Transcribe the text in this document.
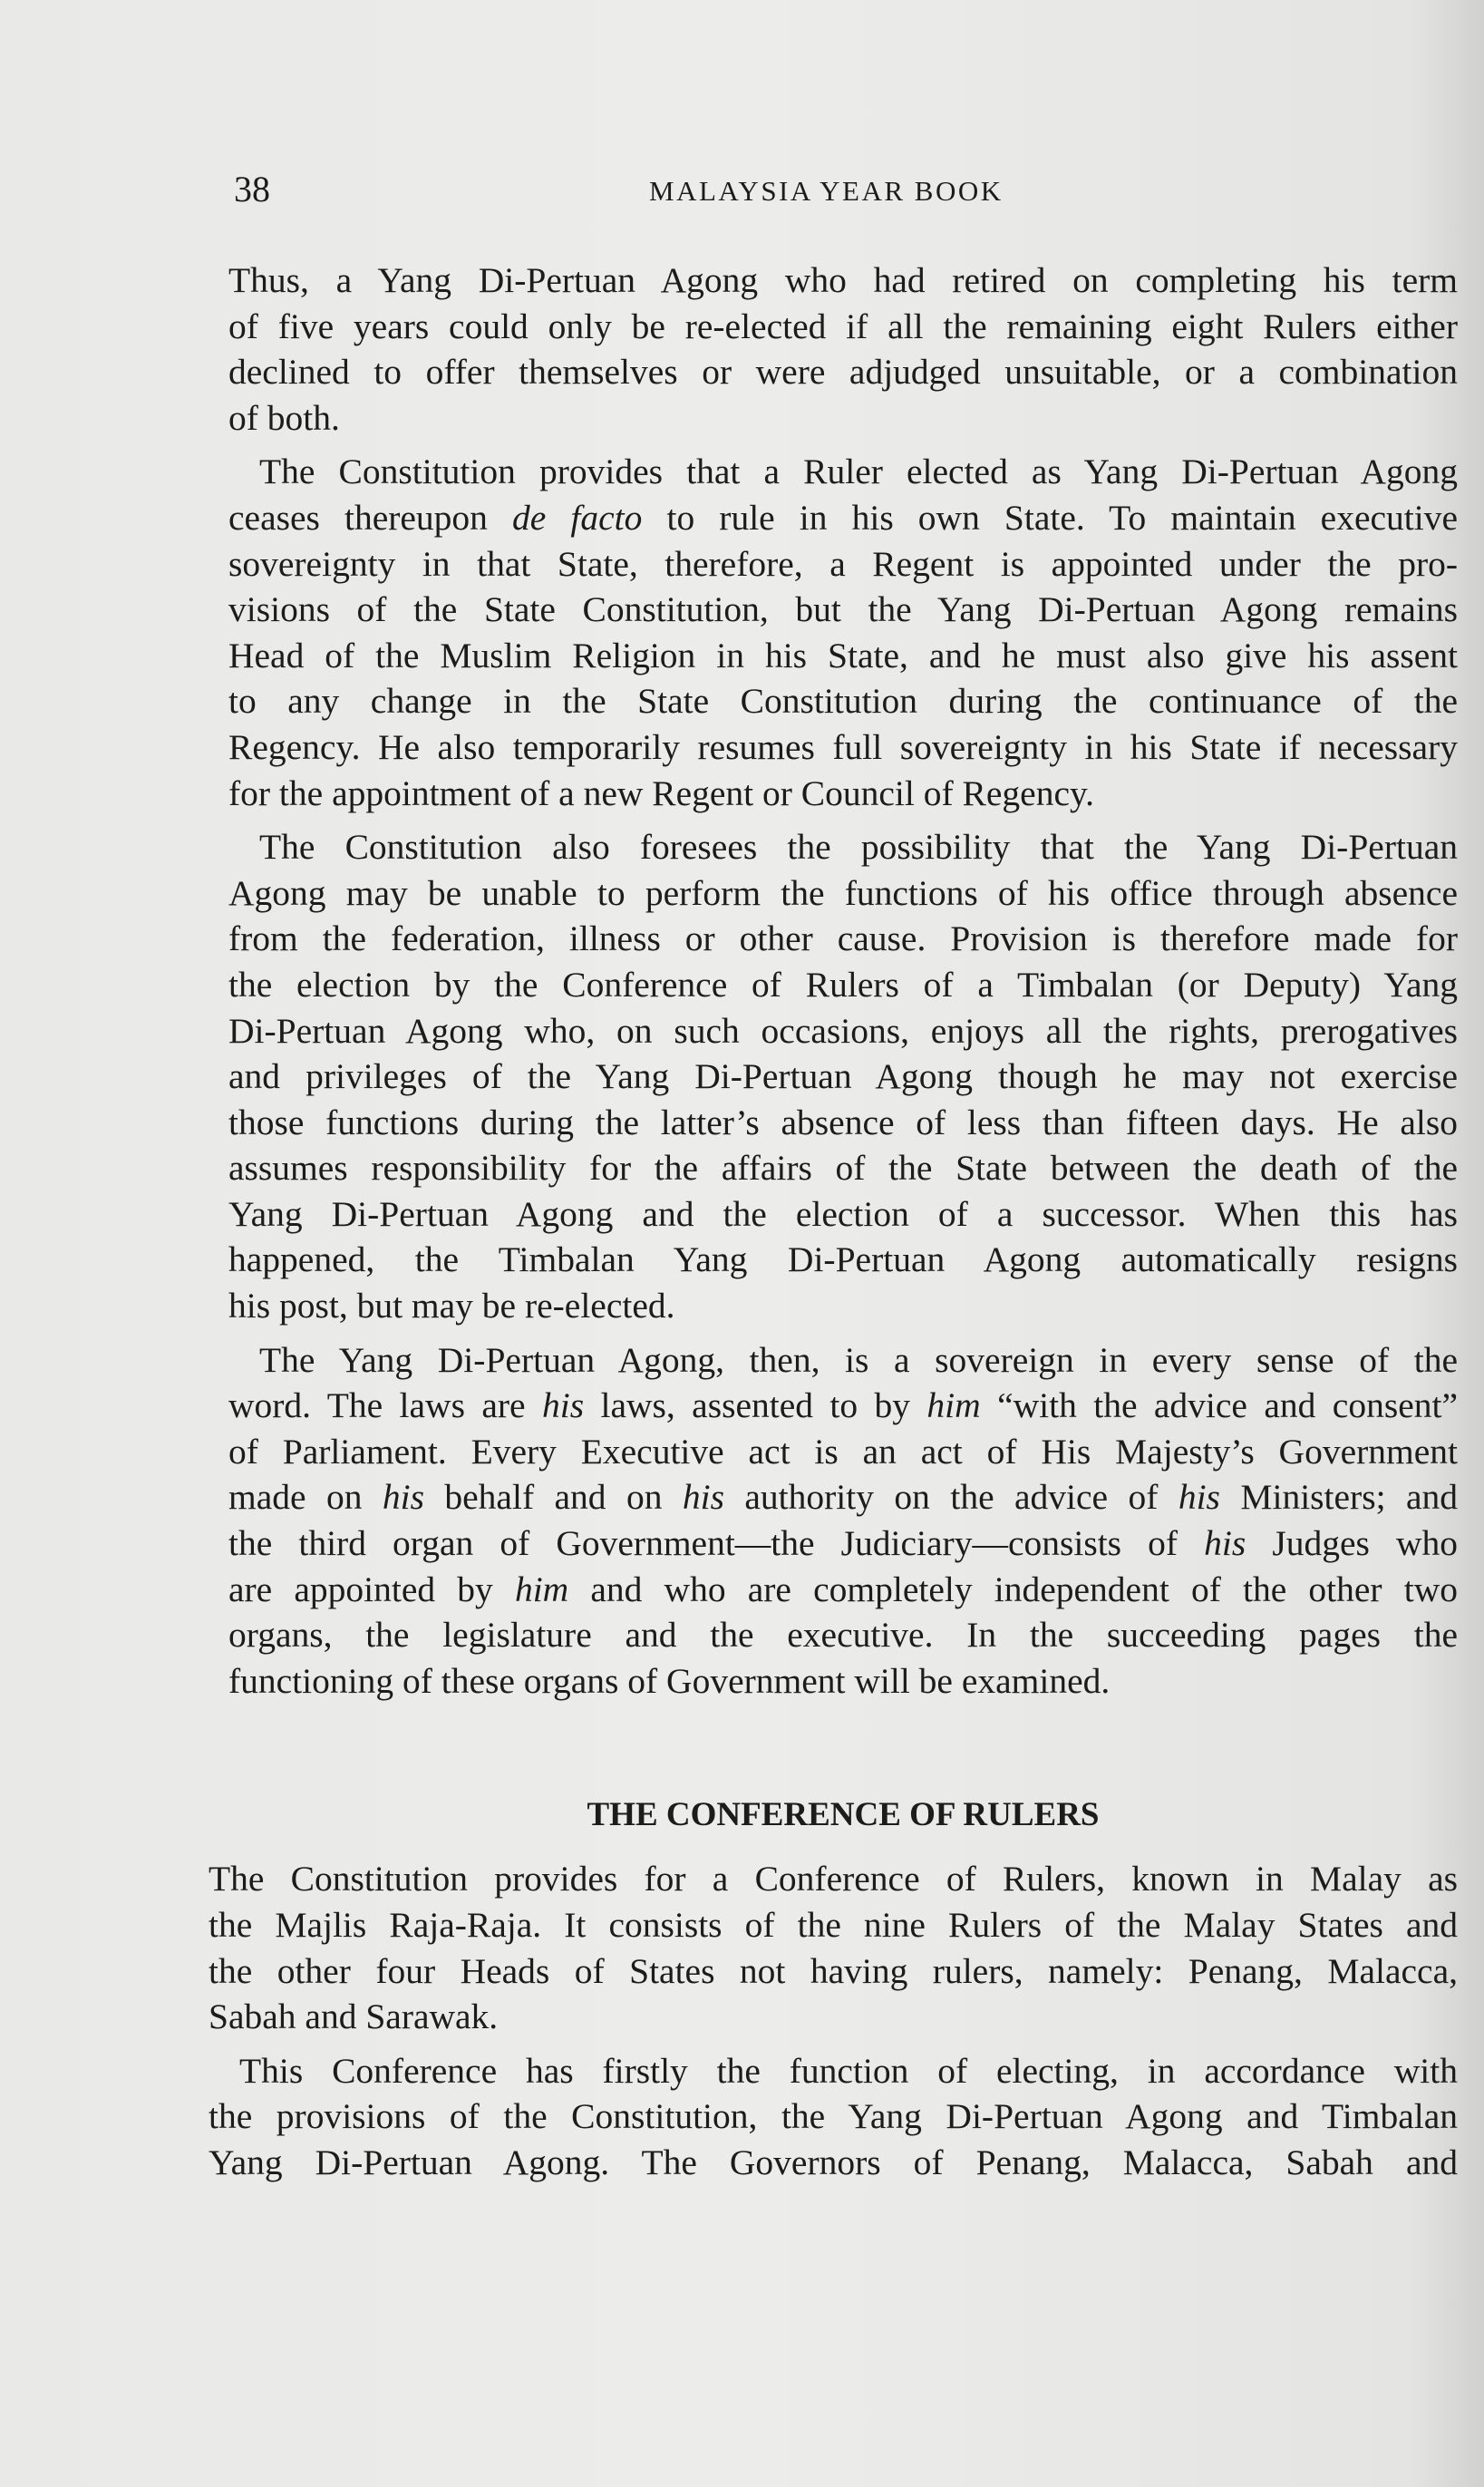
38	MALAYSIA YEAR BOOK
Thus, a Yang Di-Pertuan Agong who had retired on completing his term
of five years could only be re-elected if all the remaining eight Rulers either
declined to offer themselves or were adjudged unsuitable, or a combination
of both.
The Constitution provides that a Ruler elected as Yang Di-Pertuan Agong
ceases thereupon de facto to rule in his own State. To maintain executive
sovereignty in that State, therefore, a Regent is appointed under the pro-
visions of the State Constitution, but the Yang Di-Pertuan Agong remains
Head of the Muslim Religion in his State, and he must also give his assent
to any change in the State Constitution during the continuance of the
Regency. He also temporarily resumes full sovereignty in his State if necessary
for the appointment of a new Regent or Council of Regency.
The Constitution also foresees the possibility that the Yang Di-Pertuan
Agong may be unable to perform the functions of his office through absence
from the federation, illness or other cause. Provision is therefore made for
the election by the Conference of Rulers of a Timbalan (or Deputy) Yang
Di-Pertuan Agong who, on such occasions, enjoys all the rights, prerogatives
and privileges of the Yang Di-Pertuan Agong though he may not exercise
those functions during the latter’s absence of less than fifteen days. He also
assumes responsibility for the affairs of the State between the death of the
Yang Di-Pertuan Agong and the election of a successor. When this has
happened, the Timbalan Yang Di-Pertuan Agong automatically resigns
his post, but may be re-elected.
The Yang Di-Pertuan Agong, then, is a sovereign in every sense of the
word. The laws are his laws, assented to by him “with the advice and consent”
of Parliament. Every Executive act is an act of His Majesty’s Government
made on his behalf and on his authority on the advice of his Ministers; and
the third organ of Government—the Judiciary—consists of his Judges who
are appointed by him and who are completely independent of the other two
organs, the legislature and the executive. In the succeeding pages the
functioning of these organs of Government will be examined.
THE CONFERENCE OF RULERS
The Constitution provides for a Conference of Rulers, known in Malay as
the Majlis Raja-Raja. It consists of the nine Rulers of the Malay States and
the other four Heads of States not having rulers, namely: Penang, Malacca,
Sabah and Sarawak.
This Conference has firstly the function of electing, in accordance with
the provisions of the Constitution, the Yang Di-Pertuan Agong and Timbalan
Yang Di-Pertuan Agong. The Governors of Penang, Malacca, Sabah and
